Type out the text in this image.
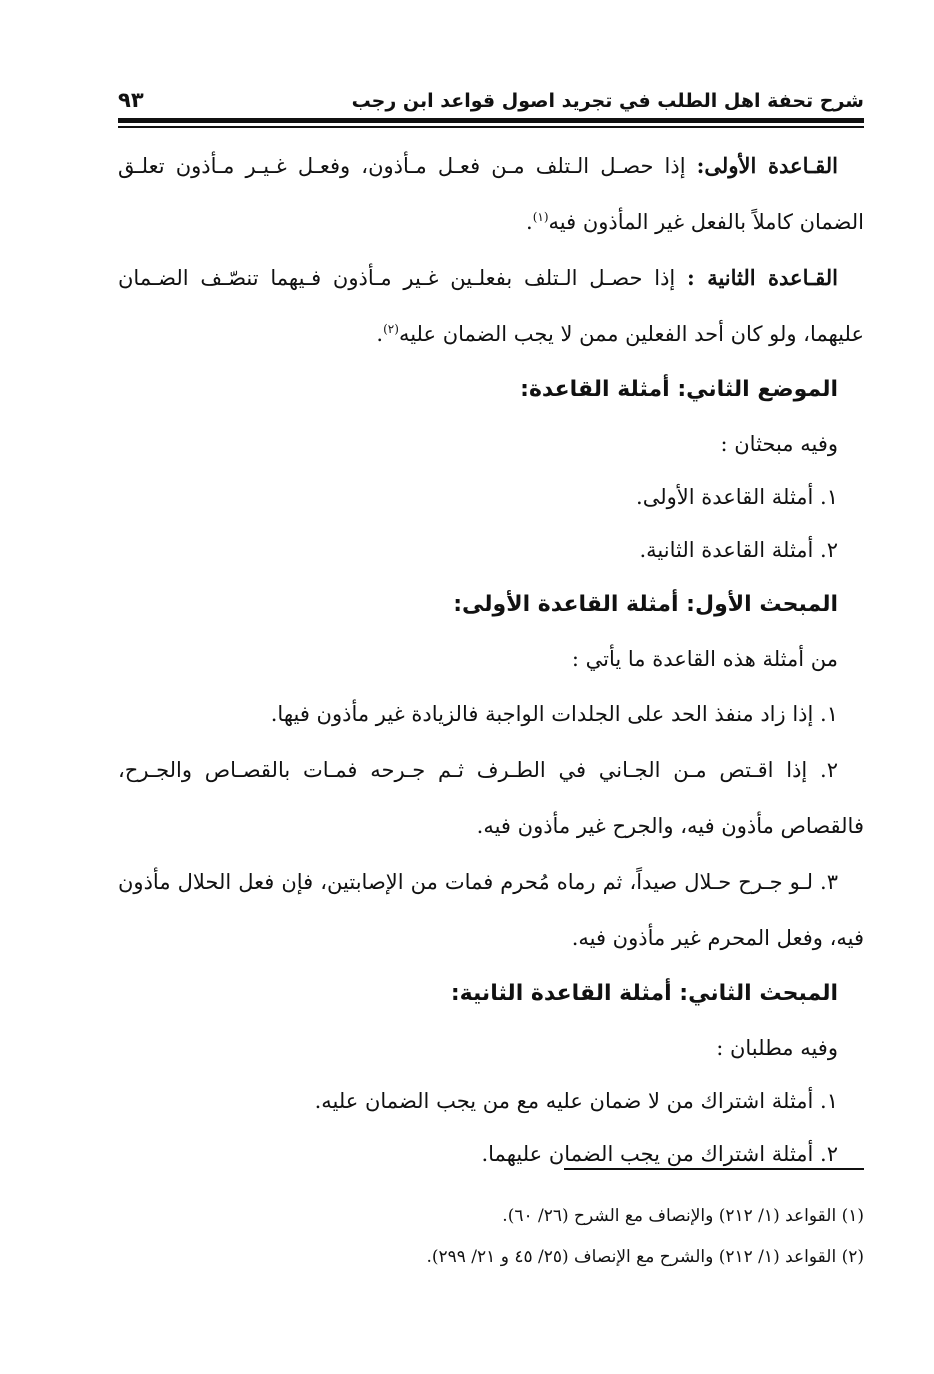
شرح تحفة اهل الطلب في تجريد اصول قواعد ابن رجب
٩٣

القـاعدة الأولى: إذا حصـل الـتلف مـن فعـل مـأذون، وفعـل غـيـر مـأذون تعلـق الضمان كاملاً بالفعل غير المأذون فيه$^{(١)}$.

القـاعدة الثانية : إذا حصـل الـتلف بفعلـين غـير مـأذون فـيهما تنصّـف الضـمان عليهما، ولو كان أحد الفعلين ممن لا يجب الضمان عليه$^{(٢)}$.

الموضع الثاني: أمثلة القاعدة:

وفيه مبحثان :

١. أمثلة القاعدة الأولى.

٢. أمثلة القاعدة الثانية.

المبحث الأول: أمثلة القاعدة الأولى:

من أمثلة هذه القاعدة ما يأتي :

١. إذا زاد منفذ الحد على الجلدات الواجبة فالزيادة غير مأذون فيها.

٢. إذا اقـتص مـن الجـاني في الطـرف ثـم جـرحه فمـات بالقصـاص والجـرح، فالقصاص مأذون فيه، والجرح غير مأذون فيه.

٣. لـو جـرح حـلال صيداً، ثم رماه مُحرم فمات من الإصابتين، فإن فعل الحلال مأذون فيه، وفعل المحرم غير مأذون فيه.

المبحث الثاني: أمثلة القاعدة الثانية:

وفيه مطلبان :

١. أمثلة اشتراك من لا ضمان عليه مع من يجب الضمان عليه.

٢. أمثلة اشتراك من يجب الضمان عليهما.

(١) القواعد (١/ ٢١٢) والإنصاف مع الشرح (٢٦/ ٦٠).

(٢) القواعد (١/ ٢١٢) والشرح مع الإنصاف (٢٥/ ٤٥ و ٢١/ ٢٩٩).
